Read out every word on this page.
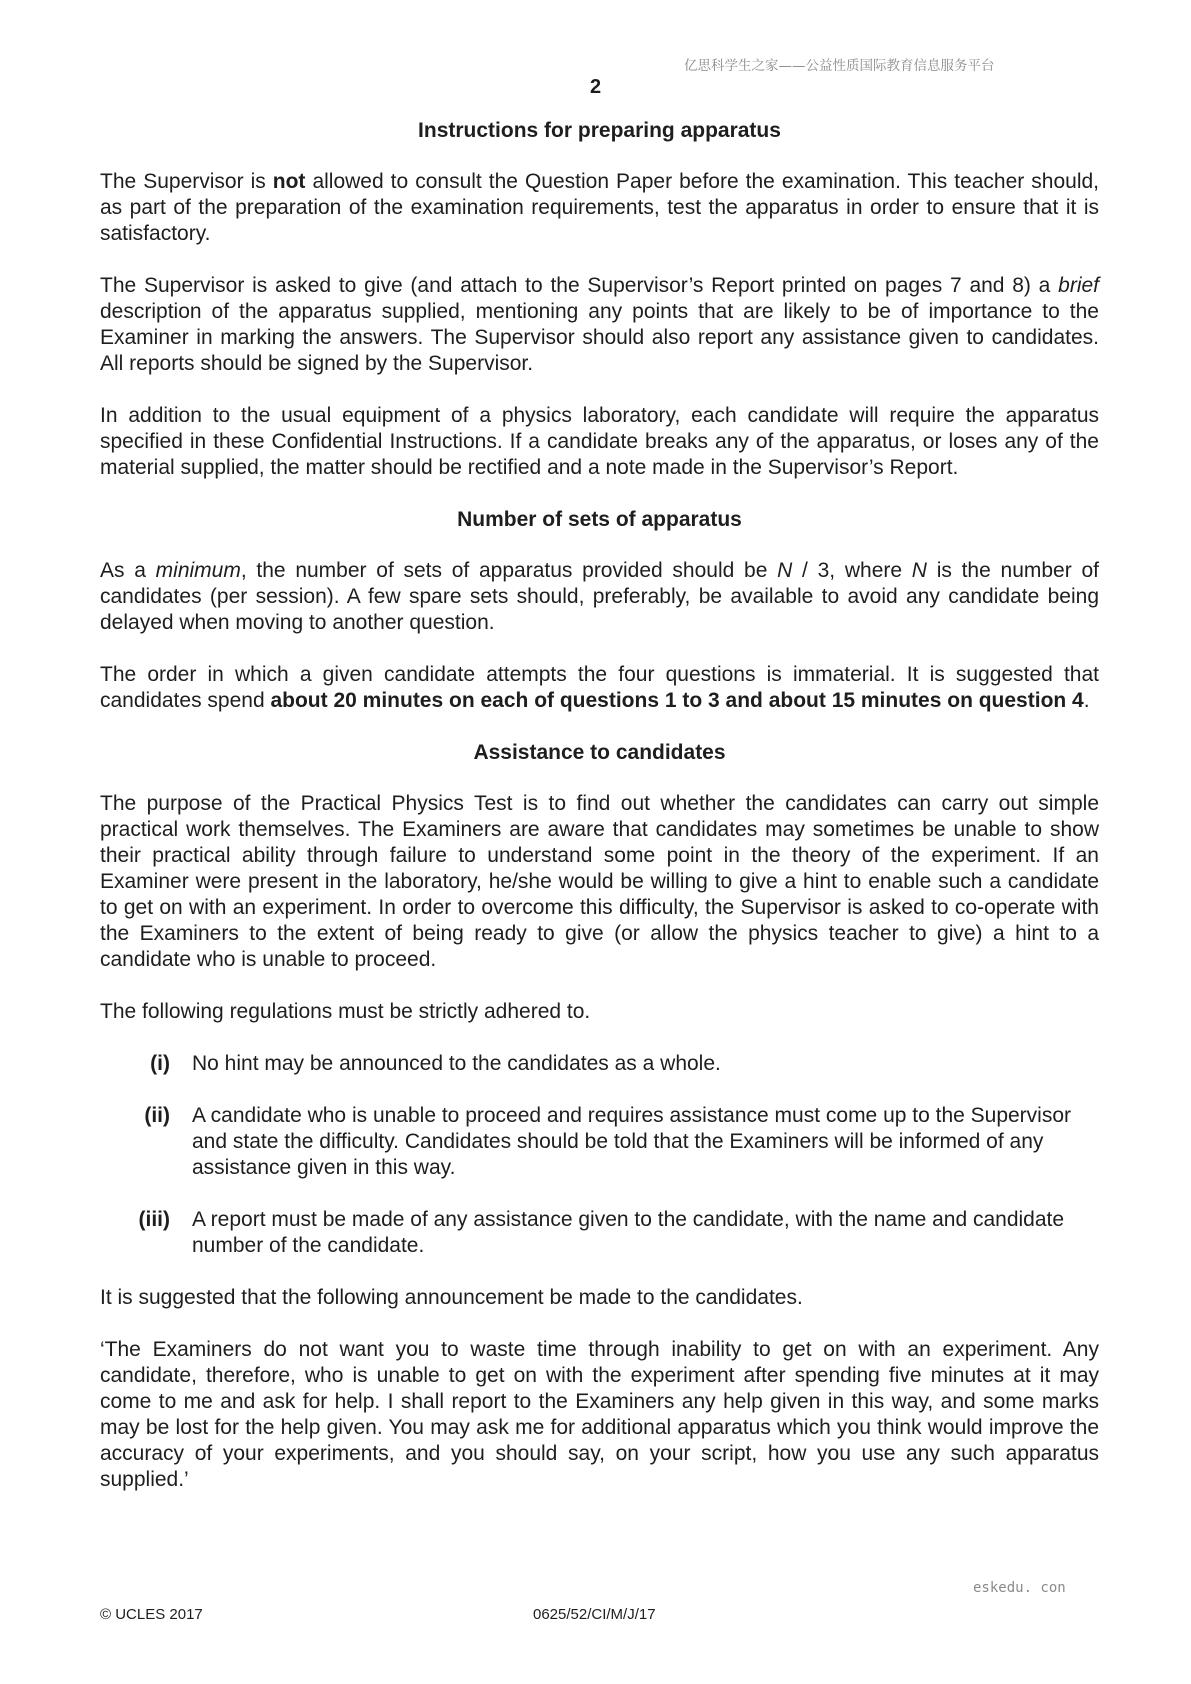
亿思科学生之家——公益性质国际教育信息服务平台
2
Instructions for preparing apparatus

The Supervisor is not allowed to consult the Question Paper before the examination. This teacher should, as part of the preparation of the examination requirements, test the apparatus in order to ensure that it is satisfactory.

The Supervisor is asked to give (and attach to the Supervisor’s Report printed on pages 7 and 8) a brief description of the apparatus supplied, mentioning any points that are likely to be of importance to the Examiner in marking the answers. The Supervisor should also report any assistance given to candidates. All reports should be signed by the Supervisor.

In addition to the usual equipment of a physics laboratory, each candidate will require the apparatus specified in these Confidential Instructions. If a candidate breaks any of the apparatus, or loses any of the material supplied, the matter should be rectified and a note made in the Supervisor’s Report.

Number of sets of apparatus

As a minimum, the number of sets of apparatus provided should be N / 3, where N is the number of candidates (per session). A few spare sets should, preferably, be available to avoid any candidate being delayed when moving to another question.

The order in which a given candidate attempts the four questions is immaterial. It is suggested that candidates spend about 20 minutes on each of questions 1 to 3 and about 15 minutes on question 4.

Assistance to candidates

The purpose of the Practical Physics Test is to find out whether the candidates can carry out simple practical work themselves. The Examiners are aware that candidates may sometimes be unable to show their practical ability through failure to understand some point in the theory of the experiment. If an Examiner were present in the laboratory, he/she would be willing to give a hint to enable such a candidate to get on with an experiment. In order to overcome this difficulty, the Supervisor is asked to co-operate with the Examiners to the extent of being ready to give (or allow the physics teacher to give) a hint to a candidate who is unable to proceed.

The following regulations must be strictly adhered to.

(i)	No hint may be announced to the candidates as a whole.
(ii)	A candidate who is unable to proceed and requires assistance must come up to the Supervisor and state the difficulty. Candidates should be told that the Examiners will be informed of any assistance given in this way.
(iii)	A report must be made of any assistance given to the candidate, with the name and candidate number of the candidate.

It is suggested that the following announcement be made to the candidates.

‘The Examiners do not want you to waste time through inability to get on with an experiment. Any candidate, therefore, who is unable to get on with the experiment after spending five minutes at it may come to me and ask for help. I shall report to the Examiners any help given in this way, and some marks may be lost for the help given. You may ask me for additional apparatus which you think would improve the accuracy of your experiments, and you should say, on your script, how you use any such apparatus supplied.’

eskedu. con
© UCLES 2017	0625/52/CI/M/J/17
